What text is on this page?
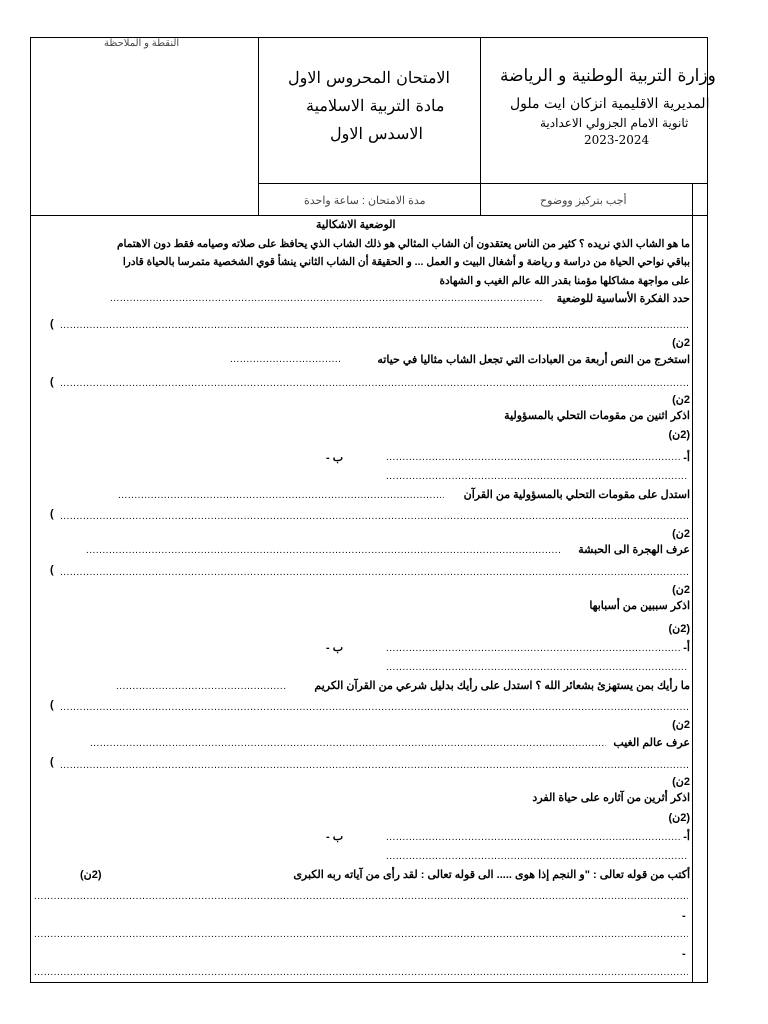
النقطة و الملاحظة
الامتحان المحروس الاول
مادة التربية الاسلامية
الاسدس الاول
وزارة التربية الوطنية و الرياضة
المديرية الاقليمية انزكان ايت ملول
ثانوية الامام الجزولي الاعدادية
2023-2024
مدة الامتحان : ساعة واحدة	أجب بتركيز ووضوح
الوضعية الاشكالية
ما هو الشاب الذي نريده ؟ كثير من الناس يعتقدون أن الشاب المثالي هو ذلك الشاب الذي يحافظ على صلاته وصيامه فقط دون الاهتمام
بباقي نواحي الحياة من دراسة و رياضة و أشغال البيت و العمل ... و الحقيقة أن الشاب الثاني ينشأ قوي الشخصية متمرسا بالحياة قادرا
على مواجهة مشاكلها مؤمنا بقدر الله عالم الغيب و الشهادة
حدد الفكرة الأساسية للوضعية
.....
)
.....
2ن)
استخرج من النص أربعة من العبادات التي تجعل الشاب مثاليا في حياته
.....
)
.....
2ن)
اذكر اثنين من مقومات التحلي بالمسؤولية
(2ن)
أ-
.....
ب -
.....
استدل على مقومات التحلي بالمسؤولية من القرآن
.....
)
.....
2ن)
عرف الهجرة الى الحبشة
.....
)
.....
2ن)
اذكر سببين من أسبابها
(2ن)
أ-
.....
ب -
.....
ما رأيك بمن يستهزئ بشعائر الله ؟ استدل على رأيك بدليل شرعي من القرآن الكريم
.....
)
.....
2ن)
عرف عالم الغيب
.....
)
.....
2ن)
اذكر أثرين من آثاره على حياة الفرد
(2ن)
أ-
.....
ب -
.....
أكتب من قوله تعالى : "و النجم إذا هوى ..... الى قوله تعالى : لقد رأى من آياته ربه الكبرى
(2ن)
.....
-
.....
-
.....
